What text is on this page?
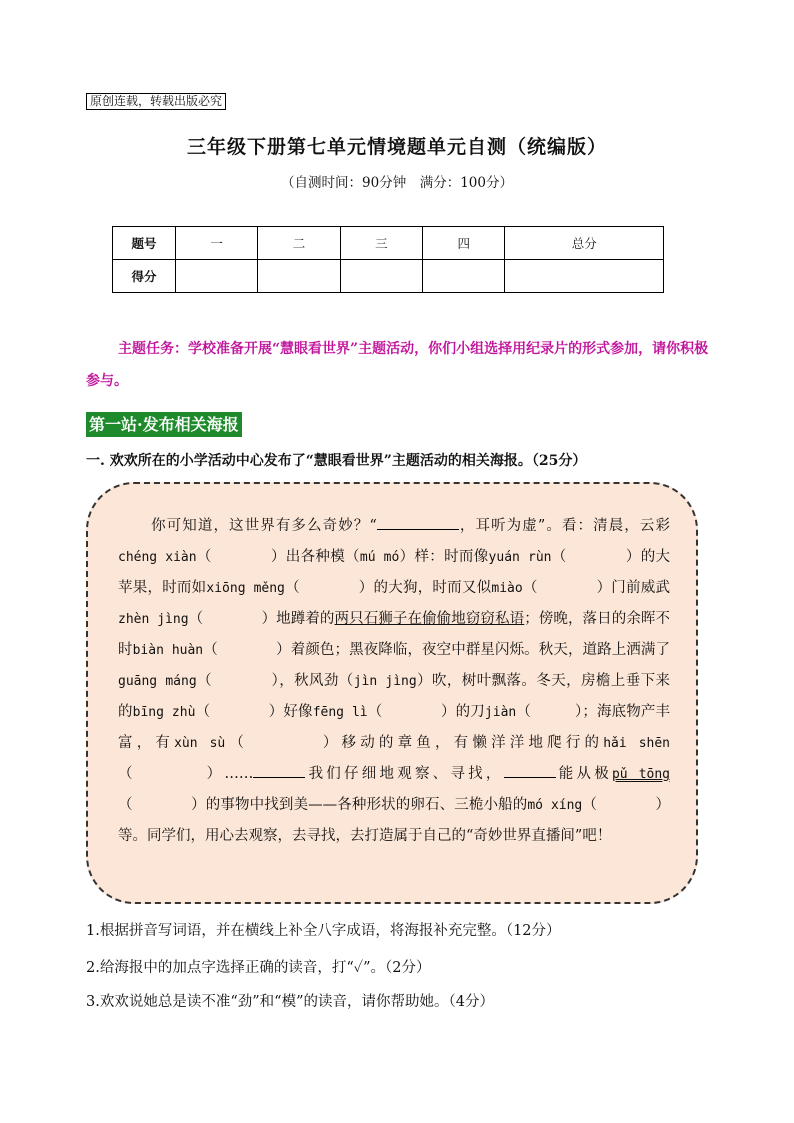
原创连载，转载出版必究
三年级下册第七单元情境题单元自测（统编版）
（自测时间：90分钟　满分：100分）
题号	一	二	三	四	总分
得分					
主题任务：学校准备开展“慧眼看世界”主题活动，你们小组选择用纪录片的形式参加，请你积极参与。
第一站·发布相关海报
一. 欢欢所在的小学活动中心发布了“慧眼看世界”主题活动的相关海报。（25分）
你可知道，这世界有多么奇妙？“	，耳听为虚”。看：清晨，云彩chéng xiàn（　　　　）出各种模（mú mó）样：时而像yuán rùn（　　　　）的大苹果，时而如xiōng měng（　　　　）的大狗，时而又似miào（　　　　）门前威武zhèn jìng（　　　　）地蹲着的两只石狮子在偷偷地窃窃私语；傍晚，落日的余晖不时biàn huàn（　　　　）着颜色；黑夜降临，夜空中群星闪烁。秋天，道路上洒满了guāng máng（　　　　），秋风劲（jìn jìng）吹，树叶飘落。冬天，房檐上垂下来的bīng zhù（　　　　）好像fēng lì（　　　　）的刀jiàn（　　　）；海底物产丰富，有xùn sù（　　　　）移动的章鱼，有懒洋洋地爬行的hǎi shēn（　　　　）……	我们仔细地观察、寻找，	能从极pǔ tōng（　　　　）的事物中找到美——各种形状的卵石、三桅小船的mó xíng（　　　　）等。同学们，用心去观察，去寻找，去打造属于自己的“奇妙世界直播间”吧！
1.根据拼音写词语，并在横线上补全八字成语，将海报补充完整。（12分）
2.给海报中的加点字选择正确的读音，打“✓”。（2分）
3.欢欢说她总是读不准“劲”和“模”的读音，请你帮助她。（4分）
